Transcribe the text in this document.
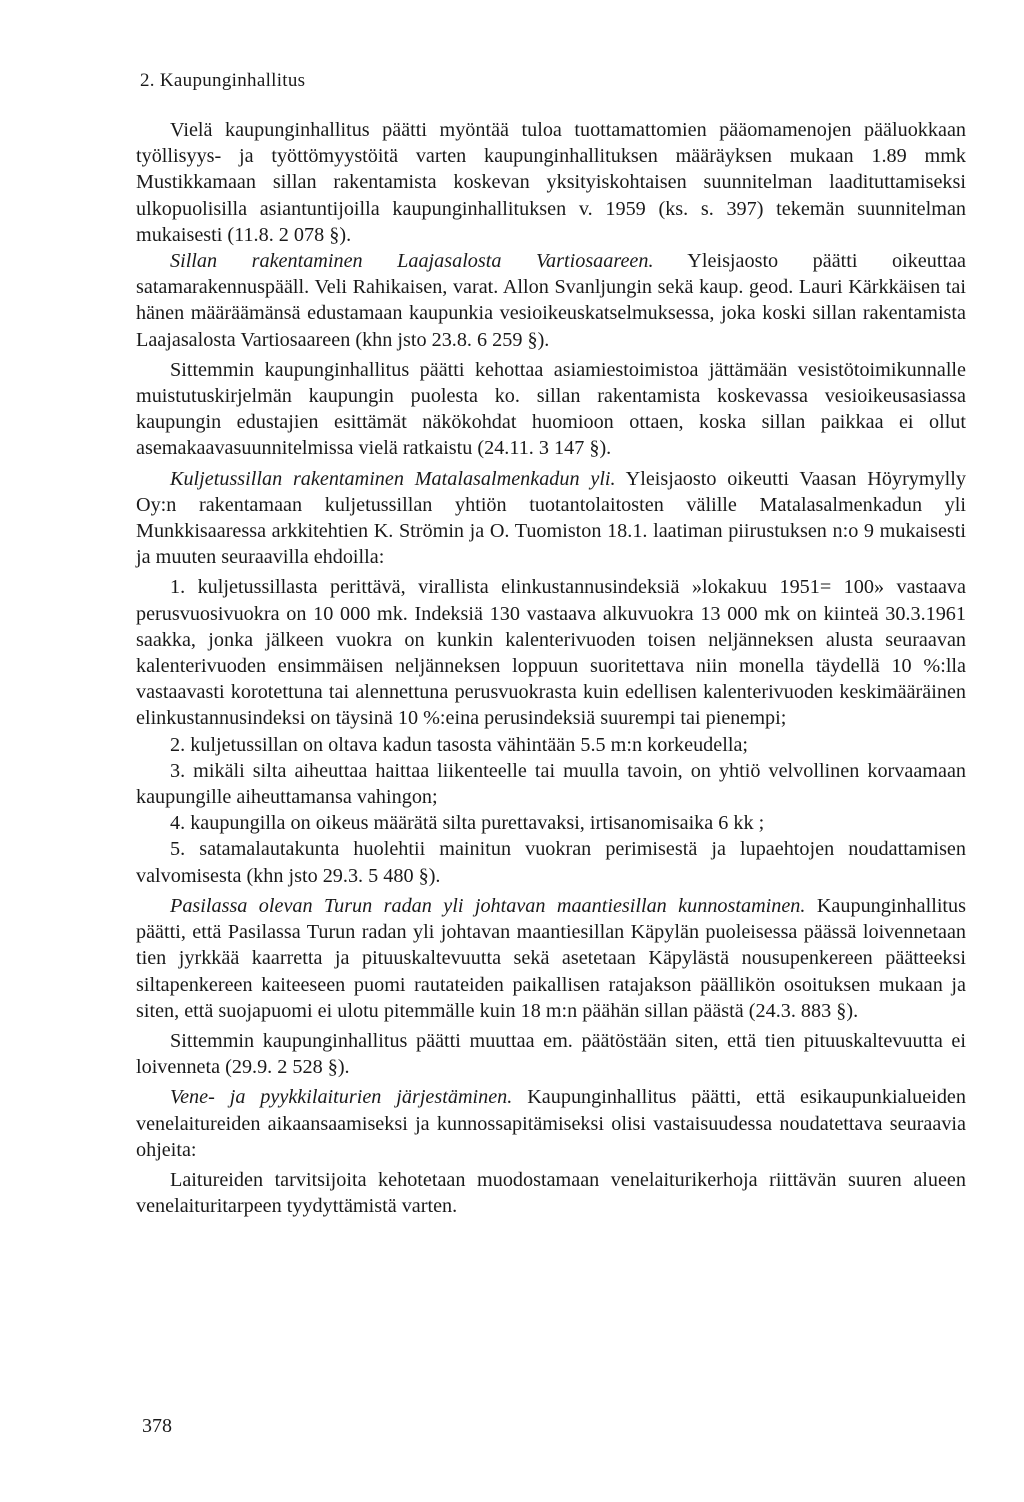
2. Kaupunginhallitus

Vielä kaupunginhallitus päätti myöntää tuloa tuottamattomien pääomamenojen pääluokkaan työllisyys- ja työttömyystöitä varten kaupunginhallituksen määräyksen mukaan 1.89 mmk Mustikkamaan sillan rakentamista koskevan yksityiskohtaisen suunnitelman laadituttamiseksi ulkopuolisilla asiantuntijoilla kaupunginhallituksen v. 1959 (ks. s. 397) tekemän suunnitelman mukaisesti (11.8. 2 078 §).

Sillan rakentaminen Laajasalosta Vartiosaareen. Yleisjaosto päätti oikeuttaa satamarakennuspääll. Veli Rahikaisen, varat. Allon Svanljungin sekä kaup. geod. Lauri Kärkkäisen tai hänen määräämänsä edustamaan kaupunkia vesioikeuskatselmuksessa, joka koski sillan rakentamista Laajasalosta Vartiosaareen (khn jsto 23.8. 6 259 §).

Sittemmin kaupunginhallitus päätti kehottaa asiamiestoimistoa jättämään vesistötoimikunnalle muistutuskirjelmän kaupungin puolesta ko. sillan rakentamista koskevassa vesioikeusasiassa kaupungin edustajien esittämät näkökohdat huomioon ottaen, koska sillan paikkaa ei ollut asemakaavasuunnitelmissa vielä ratkaistu (24.11. 3 147 §).

Kuljetussillan rakentaminen Matalasalmenkadun yli. Yleisjaosto oikeutti Vaasan Höyrymylly Oy:n rakentamaan kuljetussillan yhtiön tuotantolaitosten välille Matalasalmenkadun yli Munkkisaaressa arkkitehtien K. Strömin ja O. Tuomiston 18.1. laatiman piirustuksen n:o 9 mukaisesti ja muuten seuraavilla ehdoilla:

1. kuljetussillasta perittävä, virallista elinkustannusindeksiä »lokakuu 1951= 100» vastaava perusvuosivuokra on 10 000 mk. Indeksiä 130 vastaava alkuvuokra 13 000 mk on kiinteä 30.3.1961 saakka, jonka jälkeen vuokra on kunkin kalenterivuoden toisen neljänneksen alusta seuraavan kalenterivuoden ensimmäisen neljänneksen loppuun suoritettava niin monella täydellä 10 %:lla vastaavasti korotettuna tai alennettuna perusvuokrasta kuin edellisen kalenterivuoden keskimääräinen elinkustannusindeksi on täysinä 10 %:eina perusindeksiä suurempi tai pienempi;

2. kuljetussillan on oltava kadun tasosta vähintään 5.5 m:n korkeudella;

3. mikäli silta aiheuttaa haittaa liikenteelle tai muulla tavoin, on yhtiö velvollinen korvaamaan kaupungille aiheuttamansa vahingon;

4. kaupungilla on oikeus määrätä silta purettavaksi, irtisanomisaika 6 kk ;

5. satamalautakunta huolehtii mainitun vuokran perimisestä ja lupaehtojen noudattamisen valvomisesta (khn jsto 29.3. 5 480 §).

Pasilassa olevan Turun radan yli johtavan maantiesillan kunnostaminen. Kaupunginhallitus päätti, että Pasilassa Turun radan yli johtavan maantiesillan Käpylän puoleisessa päässä loivennetaan tien jyrkkää kaarretta ja pituuskaltevuutta sekä asetetaan Käpylästä nousupenkereen päätteeksi siltapenkereen kaiteeseen puomi rautateiden paikallisen ratajakson päällikön osoituksen mukaan ja siten, että suojapuomi ei ulotu pitemmälle kuin 18 m:n päähän sillan päästä (24.3. 883 §).

Sittemmin kaupunginhallitus päätti muuttaa em. päätöstään siten, että tien pituuskaltevuutta ei loivenneta (29.9. 2 528 §).

Vene- ja pyykkilaiturien järjestäminen. Kaupunginhallitus päätti, että esikaupunkialueiden venelaitureiden aikaansaamiseksi ja kunnossapitämiseksi olisi vastaisuudessa noudatettava seuraavia ohjeita:

Laitureiden tarvitsijoita kehotetaan muodostamaan venelaiturikerhoja riittävän suuren alueen venelaituritarpeen tyydyttämistä varten.

378
